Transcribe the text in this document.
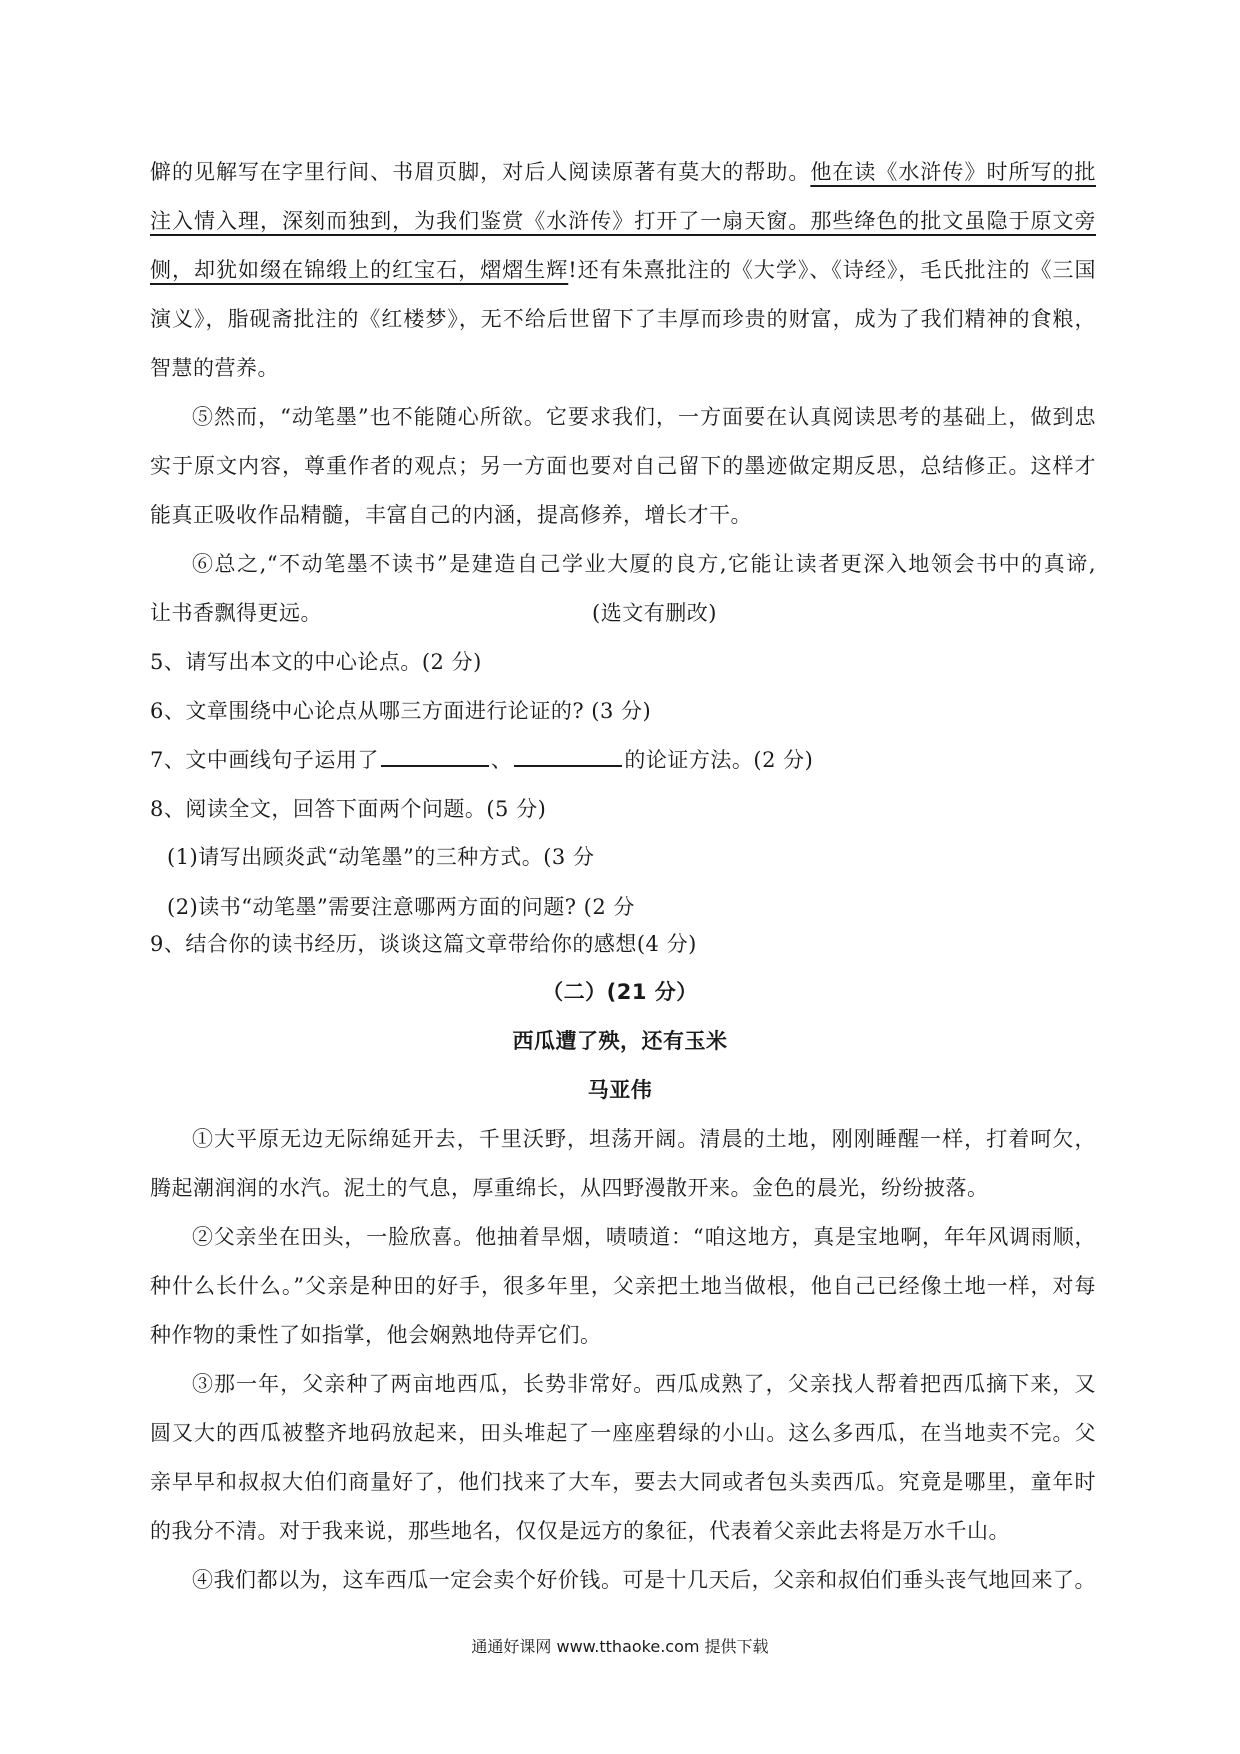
僻的见解写在字里行间、书眉页脚，对后人阅读原著有莫大的帮助。他在读《水浒传》时所写的批
注入情入理，深刻而独到，为我们鉴赏《水浒传》打开了一扇天窗。那些绛色的批文虽隐于原文旁
侧，却犹如缀在锦缎上的红宝石，熠熠生辉!还有朱熹批注的《大学》、《诗经》，毛氏批注的《三国
演义》，脂砚斋批注的《红楼梦》，无不给后世留下了丰厚而珍贵的财富，成为了我们精神的食粮，
智慧的营养。
⑤然而，“动笔墨”也不能随心所欲。它要求我们，一方面要在认真阅读思考的基础上，做到忠
实于原文内容，尊重作者的观点；另一方面也要对自己留下的墨迹做定期反思，总结修正。这样才
能真正吸收作品精髓，丰富自己的内涵，提高修养，增长才干。
⑥总之,“不动笔墨不读书”是建造自己学业大厦的良方,它能让读者更深入地领会书中的真谛,
让书香飘得更远。	(选文有删改)
5、请写出本文的中心论点。(2 分)
6、文章围绕中心论点从哪三方面进行论证的? (3 分)
7、文中画线句子运用了	、	的论证方法。(2 分)
8、阅读全文，回答下面两个问题。(5 分)
(1)请写出顾炎武“动笔墨”的三种方式。(3 分
(2)读书“动笔墨”需要注意哪两方面的问题? (2 分
9、结合你的读书经历，谈谈这篇文章带给你的感想(4 分)
（二）(21 分）
西瓜遭了殃，还有玉米
马亚伟
①大平原无边无际绵延开去，千里沃野，坦荡开阔。清晨的土地，刚刚睡醒一样，打着呵欠，
腾起潮润润的水汽。泥土的气息，厚重绵长，从四野漫散开来。金色的晨光，纷纷披落。
②父亲坐在田头，一脸欣喜。他抽着旱烟，啧啧道：“咱这地方，真是宝地啊，年年风调雨顺，
种什么长什么。”父亲是种田的好手，很多年里，父亲把土地当做根，他自己已经像土地一样，对每
种作物的秉性了如指掌，他会娴熟地侍弄它们。
③那一年，父亲种了两亩地西瓜，长势非常好。西瓜成熟了，父亲找人帮着把西瓜摘下来，又
圆又大的西瓜被整齐地码放起来，田头堆起了一座座碧绿的小山。这么多西瓜，在当地卖不完。父
亲早早和叔叔大伯们商量好了，他们找来了大车，要去大同或者包头卖西瓜。究竟是哪里，童年时
的我分不清。对于我来说，那些地名，仅仅是远方的象征，代表着父亲此去将是万水千山。
④我们都以为，这车西瓜一定会卖个好价钱。可是十几天后，父亲和叔伯们垂头丧气地回来了。
通通好课网 www.tthaoke.com 提供下载
